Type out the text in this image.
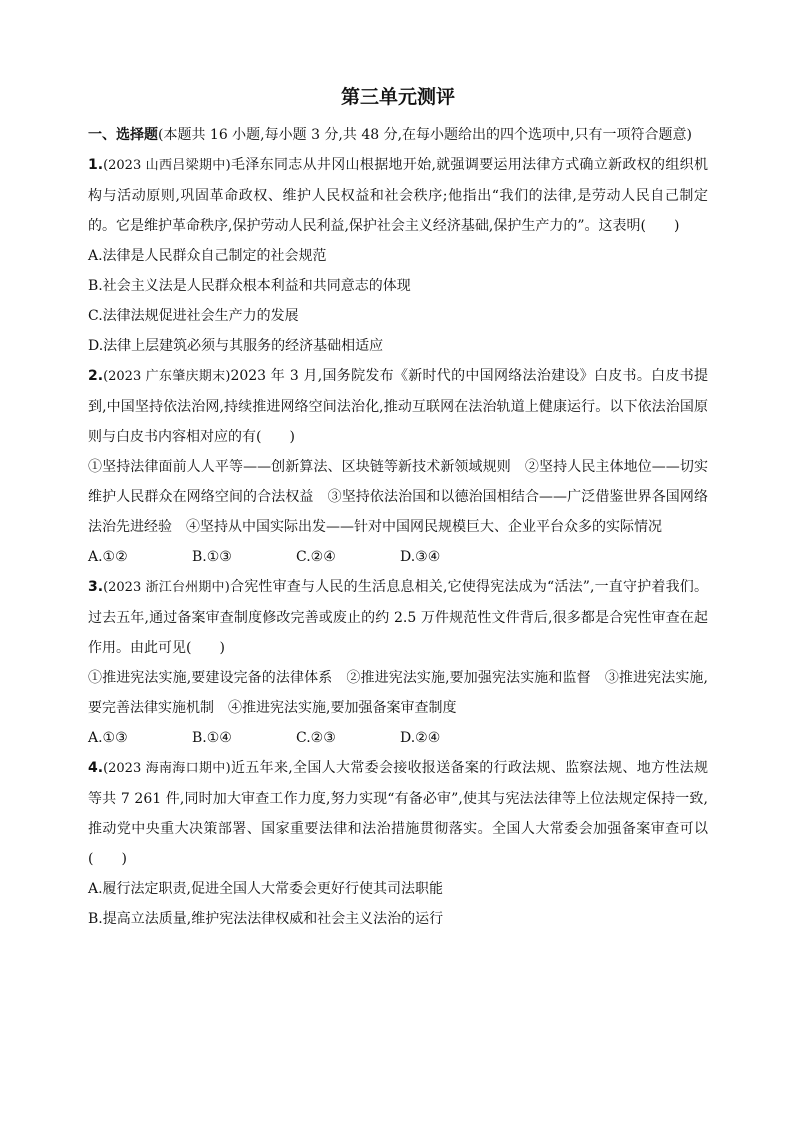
第三单元测评

一、选择题(本题共 16 小题,每小题 3 分,共 48 分,在每小题给出的四个选项中,只有一项符合题意)

1.(2023 山西吕梁期中)毛泽东同志从井冈山根据地开始,就强调要运用法律方式确立新政权的组织机构与活动原则,巩固革命政权、维护人民权益和社会秩序;他指出“我们的法律,是劳动人民自己制定的。它是维护革命秩序,保护劳动人民利益,保护社会主义经济基础,保护生产力的”。这表明(　　)

A.法律是人民群众自己制定的社会规范

B.社会主义法是人民群众根本利益和共同意志的体现

C.法律法规促进社会生产力的发展

D.法律上层建筑必须与其服务的经济基础相适应

2.(2023 广东肇庆期末)2023 年 3 月,国务院发布《新时代的中国网络法治建设》白皮书。白皮书提到,中国坚持依法治网,持续推进网络空间法治化,推动互联网在法治轨道上健康运行。以下依法治国原则与白皮书内容相对应的有(　　)

①坚持法律面前人人平等——创新算法、区块链等新技术新领域规则　②坚持人民主体地位——切实维护人民群众在网络空间的合法权益　③坚持依法治国和以德治国相结合——广泛借鉴世界各国网络法治先进经验　④坚持从中国实际出发——针对中国网民规模巨大、企业平台众多的实际情况

A.①②	B.①③	C.②④	D.③④

3.(2023 浙江台州期中)合宪性审查与人民的生活息息相关,它使得宪法成为“活法”,一直守护着我们。过去五年,通过备案审查制度修改完善或废止的约 2.5 万件规范性文件背后,很多都是合宪性审查在起作用。由此可见(　　)

①推进宪法实施,要建设完备的法律体系　②推进宪法实施,要加强宪法实施和监督　③推进宪法实施,要完善法律实施机制　④推进宪法实施,要加强备案审查制度

A.①③	B.①④	C.②③	D.②④

4.(2023 海南海口期中)近五年来,全国人大常委会接收报送备案的行政法规、监察法规、地方性法规等共 7 261 件,同时加大审查工作力度,努力实现“有备必审”,使其与宪法法律等上位法规定保持一致,推动党中央重大决策部署、国家重要法律和法治措施贯彻落实。全国人大常委会加强备案审查可以(　　)

A.履行法定职责,促进全国人大常委会更好行使其司法职能

B.提高立法质量,维护宪法法律权威和社会主义法治的运行
